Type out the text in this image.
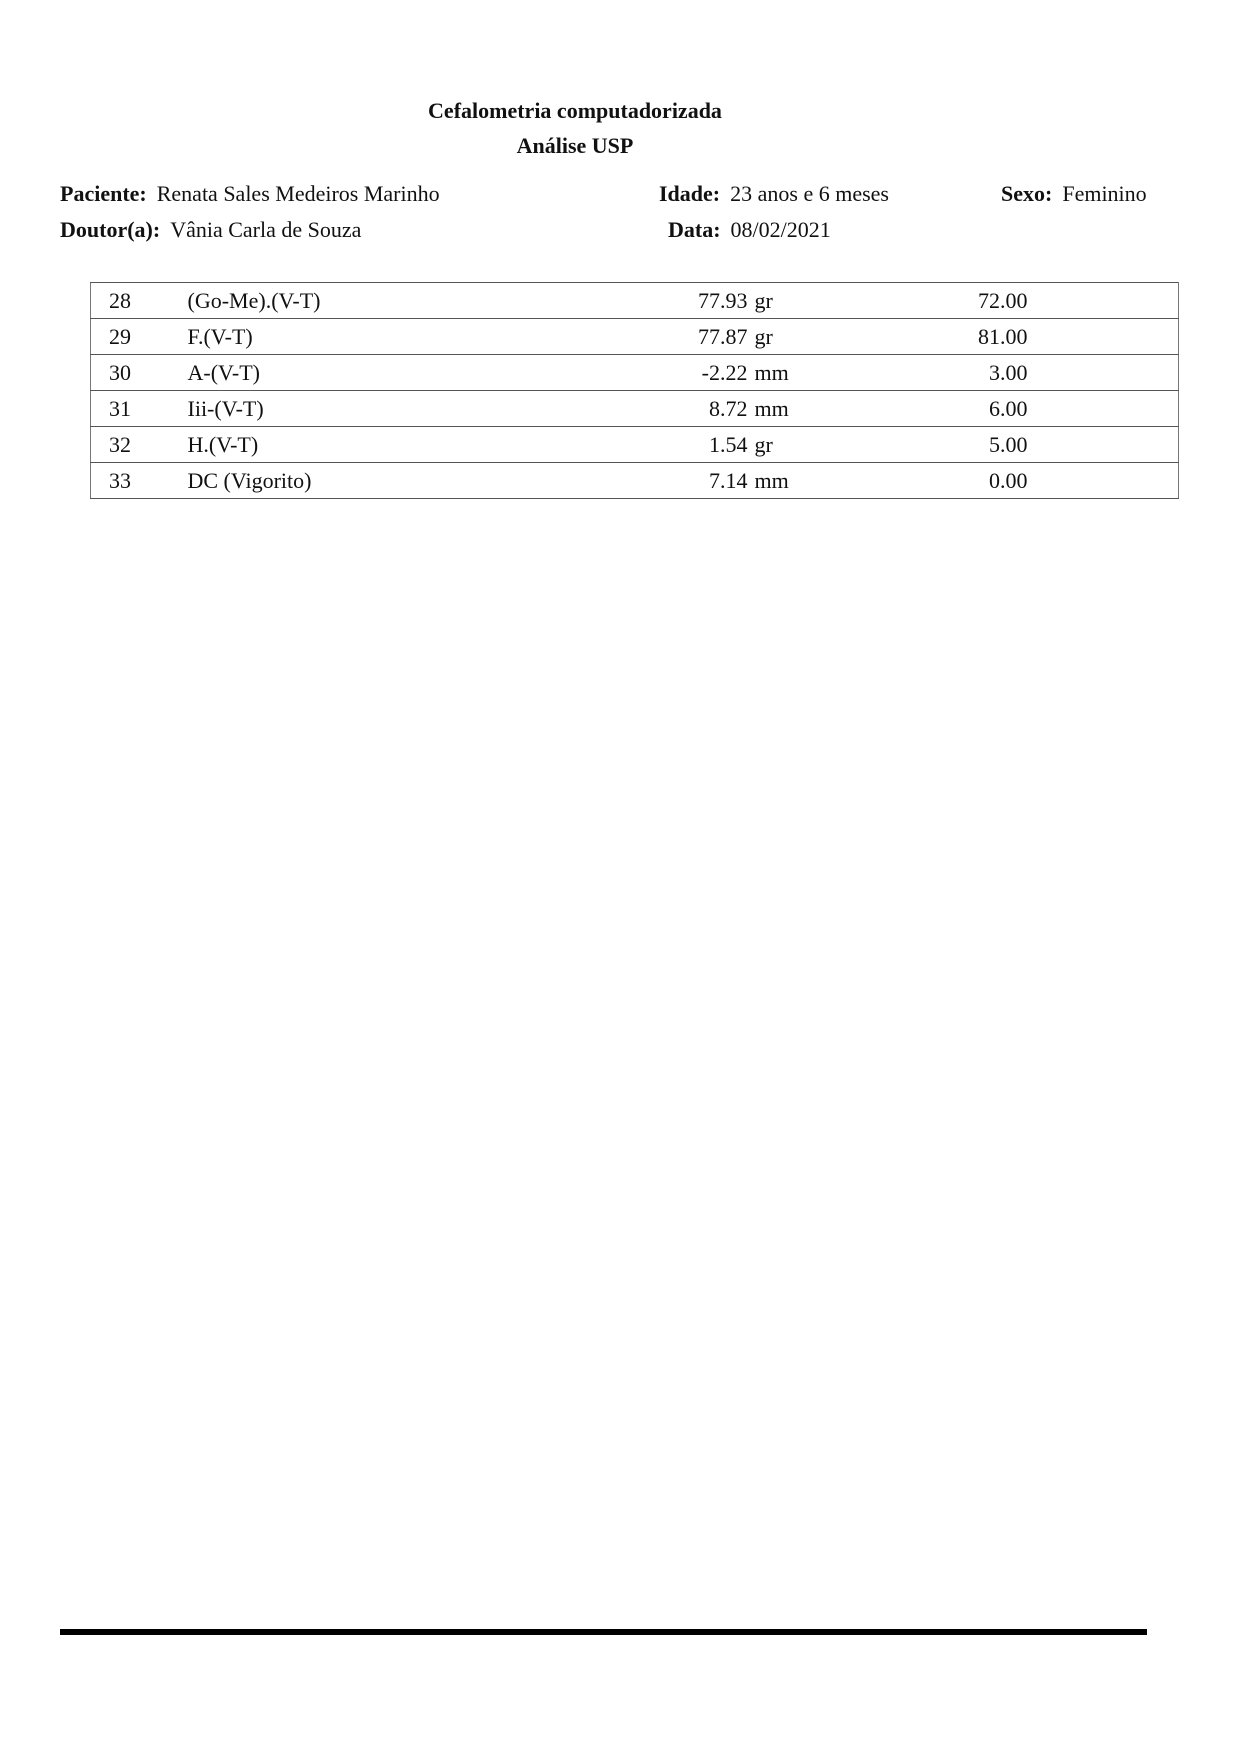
Cefalometria computadorizada
Análise USP
Paciente: Renata Sales Medeiros Marinho	Idade: 23 anos e 6 meses	Sexo: Feminino
Doutor(a): Vânia Carla de Souza	Data: 08/02/2021
28	(Go-Me).(V-T)	77.93 gr	72.00	
29	F.(V-T)	77.87 gr	81.00	
30	A-(V-T)	-2.22 mm	3.00	
31	Iii-(V-T)	8.72 mm	6.00	
32	H.(V-T)	1.54 gr	5.00	
33	DC (Vigorito)	7.14 mm	0.00	
